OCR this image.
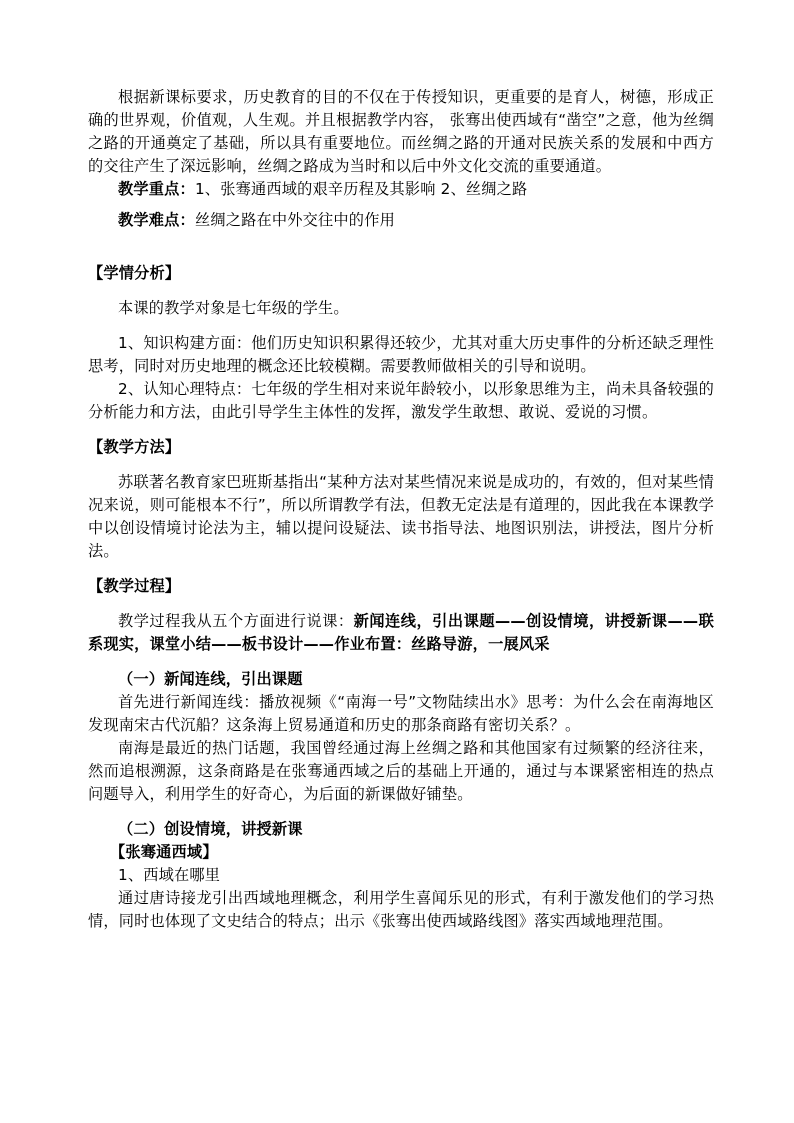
根据新课标要求，历史教育的目的不仅在于传授知识，更重要的是育人，树德，形成正确的世界观，价值观，人生观。并且根据教学内容， 张骞出使西域有“凿空”之意，他为丝绸之路的开通奠定了基础，所以具有重要地位。而丝绸之路的开通对民族关系的发展和中西方的交往产生了深远影响，丝绸之路成为当时和以后中外文化交流的重要通道。

教学重点：1、张骞通西域的艰辛历程及其影响 2、丝绸之路

教学难点：丝绸之路在中外交往中的作用

【学情分析】

本课的教学对象是七年级的学生。

1、知识构建方面：他们历史知识积累得还较少，尤其对重大历史事件的分析还缺乏理性思考，同时对历史地理的概念还比较模糊。需要教师做相关的引导和说明。

2、认知心理特点：七年级的学生相对来说年龄较小，以形象思维为主，尚未具备较强的分析能力和方法，由此引导学生主体性的发挥，激发学生敢想、敢说、爱说的习惯。

【教学方法】

苏联著名教育家巴班斯基指出“某种方法对某些情况来说是成功的，有效的，但对某些情况来说，则可能根本不行”，所以所谓教学有法，但教无定法是有道理的，因此我在本课教学中以创设情境讨论法为主，辅以提问设疑法、读书指导法、地图识别法，讲授法，图片分析法。

【教学过程】

教学过程我从五个方面进行说课：新闻连线，引出课题——创设情境，讲授新课——联系现实，课堂小结——板书设计——作业布置：丝路导游，一展风采

（一）新闻连线，引出课题

首先进行新闻连线：播放视频《“南海一号”文物陆续出水》思考：为什么会在南海地区发现南宋古代沉船？这条海上贸易通道和历史的那条商路有密切关系？。

南海是最近的热门话题，我国曾经通过海上丝绸之路和其他国家有过频繁的经济往来，然而追根溯源，这条商路是在张骞通西域之后的基础上开通的，通过与本课紧密相连的热点问题导入，利用学生的好奇心，为后面的新课做好铺垫。

（二）创设情境，讲授新课

【张骞通西域】

1、西域在哪里

通过唐诗接龙引出西域地理概念，利用学生喜闻乐见的形式，有利于激发他们的学习热情，同时也体现了文史结合的特点；出示《张骞出使西域路线图》落实西域地理范围。
